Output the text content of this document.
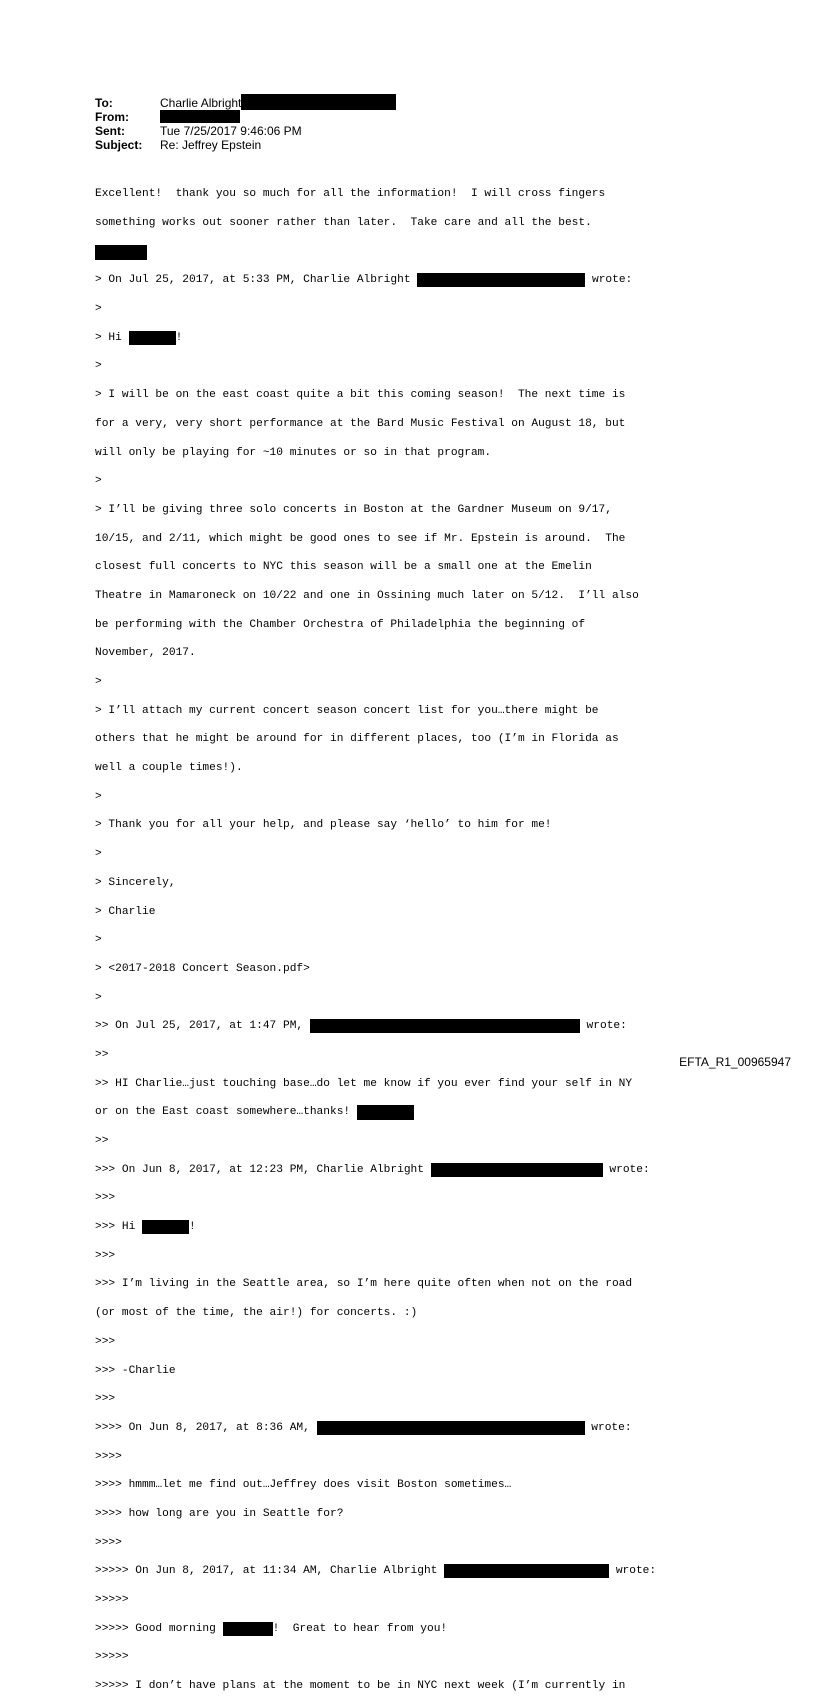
To:	Charlie Albright
From:
Sent:	Tue 7/25/2017 9:46:06 PM
Subject: Re: Jeffrey Epstein

Excellent!  thank you so much for all the information!  I will cross fingers

something works out sooner rather than later.  Take care and all the best.

> On Jul 25, 2017, at 5:33 PM, Charlie Albright	wrote:

>

> Hi	!

>

> I will be on the east coast quite a bit this coming season!  The next time is

for a very, very short performance at the Bard Music Festival on August 18, but

will only be playing for ~10 minutes or so in that program.

>

> I’ll be giving three solo concerts in Boston at the Gardner Museum on 9/17,

10/15, and 2/11, which might be good ones to see if Mr. Epstein is around.  The

closest full concerts to NYC this season will be a small one at the Emelin

Theatre in Mamaroneck on 10/22 and one in Ossining much later on 5/12.  I’ll also

be performing with the Chamber Orchestra of Philadelphia the beginning of

November, 2017.

>

> I’ll attach my current concert season concert list for you…there might be

others that he might be around for in different places, too (I’m in Florida as

well a couple times!).

>

> Thank you for all your help, and please say ‘hello’ to him for me!

>

> Sincerely,

> Charlie

>

> <2017-2018 Concert Season.pdf>

>

>> On Jul 25, 2017, at 1:47 PM,	wrote:

>>

>> HI Charlie…just touching base…do let me know if you ever find your self in NY

or on the East coast somewhere…thanks!

>>

>>> On Jun 8, 2017, at 12:23 PM, Charlie Albright	wrote:

>>>

>>> Hi	!

>>>

>>> I’m living in the Seattle area, so I’m here quite often when not on the road

(or most of the time, the air!) for concerts. :)

>>>

>>> -Charlie

>>>

>>>> On Jun 8, 2017, at 8:36 AM,	wrote:

>>>>

>>>> hmmm…let me find out…Jeffrey does visit Boston sometimes…

>>>> how long are you in Seattle for?

>>>>

>>>>> On Jun 8, 2017, at 11:34 AM, Charlie Albright	wrote:

>>>>>

>>>>> Good morning	!  Great to hear from you!

>>>>>

>>>>> I don’t have plans at the moment to be in NYC next week (I’m currently in

EFTA_R1_00965947
